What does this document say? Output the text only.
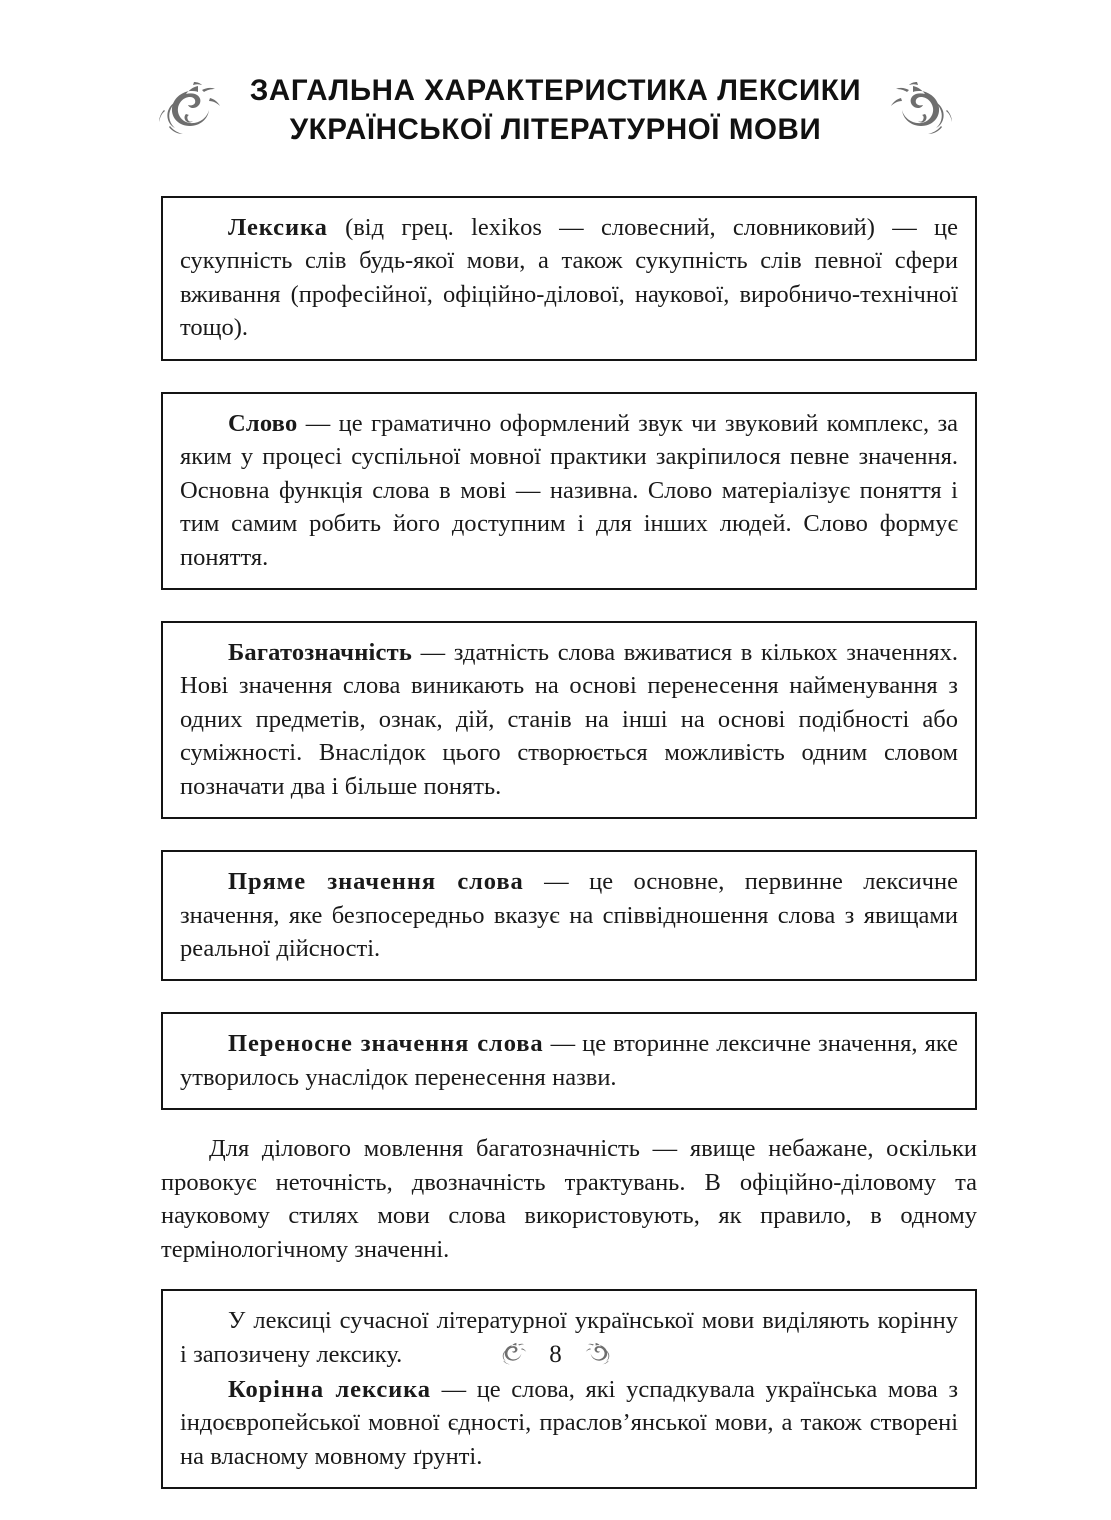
ЗАГАЛЬНА ХАРАКТЕРИСТИКА ЛЕКСИКИ
УКРАЇНСЬКОЇ ЛІТЕРАТУРНОЇ МОВИ

Лексика (від грец. lexikos — словесний, словниковий) — це сукупність слів будь-якої мови, а також сукупність слів певної сфери вживання (професійної, офіційно-ділової, наукової, виробничо-технічної тощо).

Слово — це граматично оформлений звук чи звуковий комплекс, за яким у процесі суспільної мовної практики закріпилося певне значення. Основна функція слова в мові — називна. Слово матеріалізує поняття і тим самим робить його доступним і для інших людей. Слово формує поняття.

Багатозначність — здатність слова вживатися в кількох значеннях. Нові значення слова виникають на основі перенесення найменування з одних предметів, ознак, дій, станів на інші на основі подібності або суміжності. Внаслідок цього створюється можливість одним словом позначати два і більше понять.

Пряме значення слова — це основне, первинне лексичне значення, яке безпосередньо вказує на співвідношення слова з явищами реальної дійсності.

Переносне значення слова — це вторинне лексичне значення, яке утворилось унаслідок перенесення назви.

Для ділового мовлення багатозначність — явище небажане, оскільки провокує неточність, двозначність трактувань. В офіційно-діловому та науковому стилях мови слова використовують, як правило, в одному термінологічному значенні.

У лексиці сучасної літературної української мови виділяють корінну і запозичену лексику.

Корінна лексика — це слова, які успадкувала українська мова з індоєвропейської мовної єдності, праслов’янської мови, а також створені на власному мовному ґрунті.

8
